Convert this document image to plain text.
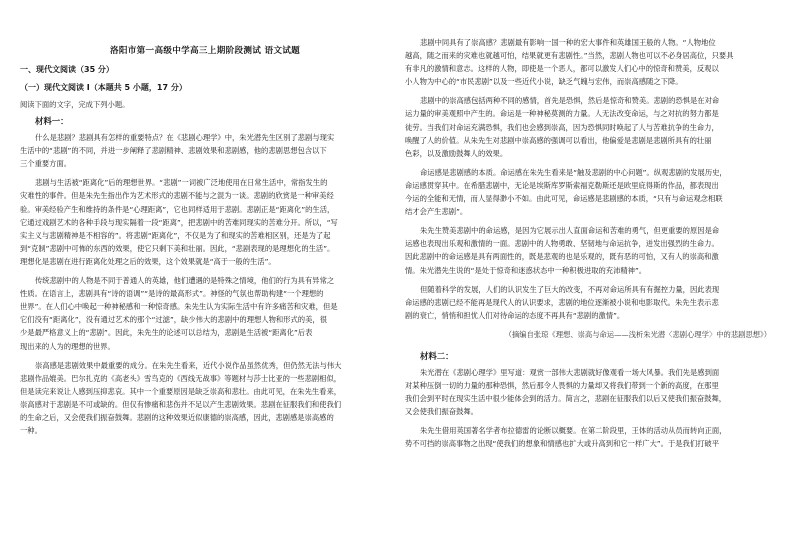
洛阳市第一高级中学高三上期阶段测试 语文试题
一、现代文阅读（35 分）
（一）现代文阅读 I（本题共 5 小题，17 分）
阅读下面的文字，完成下列小题。
材料一：
什么是悲剧？悲剧具有怎样的重要特点？在《悲剧心理学》中，朱光潜先生区别了悲剧与现实
生活中的“悲剧”的不同，并进一步阐释了悲剧精神、悲剧效果和悲剧感，他的悲剧思想包含以下
三个重要方面。
悲剧与生活被“距离化”后的理想世界。“悲剧”一词被广泛地使用在日常生活中，常指发生的
灾难性的事件。但是朱先生指出作为艺术形式的悲剧不能与之混为一谈。悲剧的欣赏是一种审美经
验。审美经验产生和维持的条件是“心理距离”，它也同样适用于悲剧。悲剧正是“距离化”的生活，
它通过戏剧艺术的各种手段与现实隔着一段“距离”，把悲剧中的苦难同现实的苦难分开。所以，“写
实主义与悲剧精神是不相容的”。将悲剧“距离化”，不仅是为了和现实的苦难相区别，还是为了起
到“克制”悲剧中可怖的东西的效果，使它只剩下美和壮丽。因此，“悲剧表现的是理想化的生活”。
理想化是悲剧在进行距离化处理之后的效果，这个效果就是“高于一般的生活”。
传统悲剧中的人物是不同于普通人的英雄，他们遭遇的是特殊之情境，他们的行为具有异常之
性质。在语言上，悲剧具有“诗的语调”“是诗的最高形式”。神怪的气氛也帮助构建“一个理想的
世界”。在人们心中唤起一种神秘感和一种惊奇感。朱先生认为实际生活中有许多痛苦和灾难，但是
它们没有“距离化”，没有通过艺术的那个“过滤”，缺少伟大的悲剧中的理想人物和形式的美，很
少是最严格意义上的“悲剧”。因此，朱先生的论述可以总结为，悲剧是生活被“距离化”后表
现出来的人为的理想的世界。
崇高感是悲剧效果中最重要的成分。在朱先生看来，近代小说作品虽然优秀，但仍然无法与伟大
悲剧作品媲美。巴尔扎克的《高老头》雪鸟克的《西线无战事》等题材与莎士比亚的一些悲剧相似，
但是读完来说让人感到压抑悲哀。其中一个重要原因是缺乏崇高和悲壮。由此可见，在朱先生看来，
崇高感对于悲剧是不可或缺的。但仅有惨痛和悲伤并不足以产生悲剧效果。悲剧在征服我们和使我们
的生命之后，又会使我们振奋鼓舞。悲剧的这种效果近似康德的崇高感，因此，悲剧感是崇高感的
一种。
悲剧中同具有了崇高感？悲剧最有影响一国一种的宏大事件和英雄国王般的人物。“人物地位
越高，随之而来的灾难也就越可怕，结果就更有悲剧性。”当然，悲剧人物也可以不必身居高位，只要具
有非凡的激情和意志。这样的人物，即使是一个恶人，都可以激发人们心中的惊奇和赞美，反观以
小人物为中心的“市民悲剧”以及一些近代小说，缺乏气魄与宏伟，而崇高感随之下降。
悲剧中的崇高感包括两种不同的感情，首先是恐惧，然后是惊奇和赞美。悲剧的恐惧是在对命
运力量的审美观照中产生的。命运是一种神秘莫测的力量。人无法改变命运，与之对抗的努力都是
徒劳。当我们对命运充满恐惧，我们也会感到崇高，因为恐惧同时唤起了人与苦难抗争的生命力，
唤醒了人的价值。从朱先生对悲剧中崇高感的强调可以看出，他偏爱是悲剧是悲剧所具有的壮丽
色彩，以及激励鼓舞人的效果。
命运感是悲剧感的本质。命运感在朱先生看来是“触及悲剧的中心问题”。纵观悲剧的发展历史，
命运感贯穿其中。在希腊悲剧中，无论是埃斯库罗斯索福克勒斯还是欧里庇得斯的作品，都表现出
今运的全能和无情，而人显得渺小不如。由此可见，命运感是悲剧感的本质，“只有与命运观念相联
结才会产生悲剧”。
朱先生赞美悲剧中的命运感，是因为它展示出人直面命运和苦难的勇气，但更重要的原因是命
运感也表现出乐观和激情的一面。悲剧中的人物勇敢、坚韧地与命运抗争，迸发出强烈的生命力。
因此悲剧中的命运感是具有两面性的，既是悲观的也是乐观的，既有恶的可怕，又有人的崇高和激
情。朱光潜先生说的“是处于惊奇和迷惑状态中一种积极进取的充沛精神”。
但随着科学的发展，人们的认识发生了巨大的改变，不再对命运所具有有掘控力量，因此表现
命运感的悲剧已经不能再是现代人的认识要求，悲剧的地位逐渐被小说和电影取代。朱先生表示悲
剧的衰亡，悄悄和担忧人们对待命运的态度不再具有“悲剧的激情”。
（摘编自张琼《理想、崇高与命运——浅析朱光潜〈悲剧心理学〉中的悲剧思想》）
材料二：
朱光潜在《悲剧心理学》里写道：观赏一部伟大悲剧就好像观看一场大风暴。我们先是感到面
对某种压倒一切的力量的那种恐惧，然后那令人畏惧的力量却又将我们带到一个新的高度，在那里
我们会到平时在现实生活中很少能体会到的活力。简言之，悲剧在征服我们以后又使我们振奋鼓舞，
又会使我们振奋鼓舞。
朱先生借用英国著名学者布拉德雷的论断以概要。在第二阶段里，王体的活动从员而转向正面，
势不可挡的崇高事物之出现“使我们的想象和情感也扩大或升高到和它一样广大”。于是我们打破平
